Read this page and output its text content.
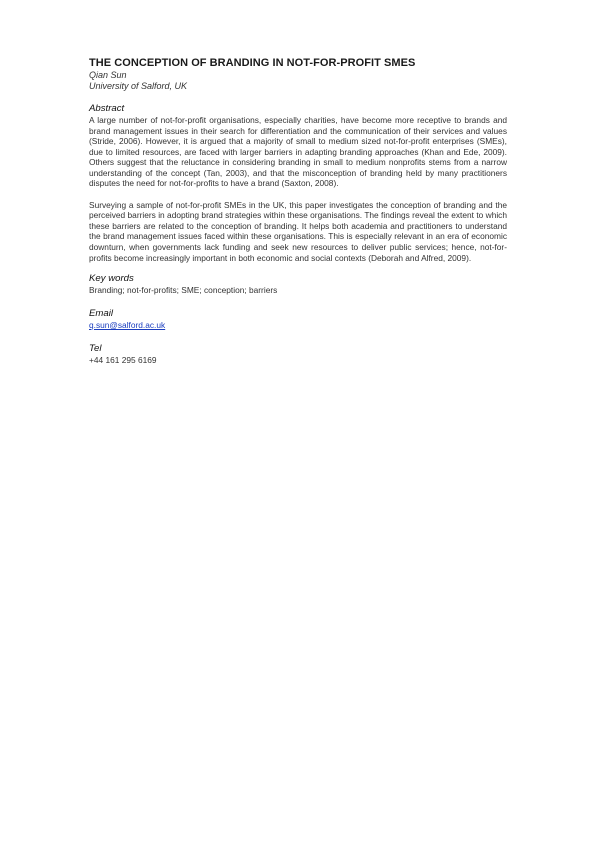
THE CONCEPTION OF BRANDING IN NOT-FOR-PROFIT SMES

Qian Sun

University of Salford, UK

Abstract

A large number of not-for-profit organisations, especially charities, have become more receptive to brands and brand management issues in their search for differentiation and the communication of their services and values (Stride, 2006). However, it is argued that a majority of small to medium sized not-for-profit enterprises (SMEs), due to limited resources, are faced with larger barriers in adapting branding approaches (Khan and Ede, 2009). Others suggest that the reluctance in considering branding in small to medium nonprofits stems from a narrow understanding of the concept (Tan, 2003), and that the misconception of branding held by many practitioners disputes the need for not-for-profits to have a brand (Saxton, 2008).

Surveying a sample of not-for-profit SMEs in the UK, this paper investigates the conception of branding and the perceived barriers in adopting brand strategies within these organisations. The findings reveal the extent to which these barriers are related to the conception of branding. It helps both academia and practitioners to understand the brand management issues faced within these organisations. This is especially relevant in an era of economic downturn, when governments lack funding and seek new resources to deliver public services; hence, not-for-profits become increasingly important in both economic and social contexts (Deborah and Alfred, 2009).

Key words

Branding; not-for-profits; SME; conception; barriers

Email

q.sun@salford.ac.uk

Tel

+44 161 295 6169
